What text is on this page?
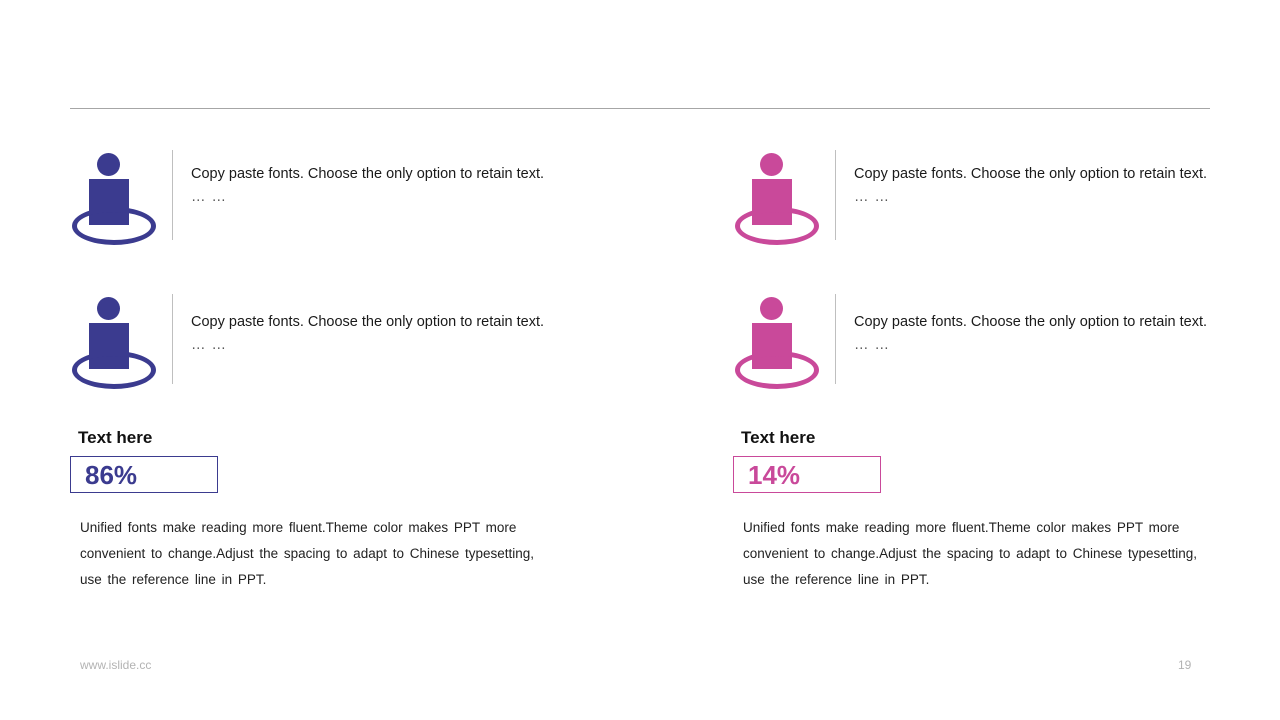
Copy paste fonts. Choose the only option to retain text.
… …
Copy paste fonts. Choose the only option to retain text.
… …
Copy paste fonts. Choose the only option to retain text.
… …
Copy paste fonts. Choose the only option to retain text.
… …
Text here
86%
Unified fonts make reading more fluent.Theme color makes PPT more convenient to change.Adjust the spacing to adapt to Chinese typesetting, use the reference line in PPT.
Text here
14%
Unified fonts make reading more fluent.Theme color makes PPT more convenient to change.Adjust the spacing to adapt to Chinese typesetting, use the reference line in PPT.
www.islide.cc	19
